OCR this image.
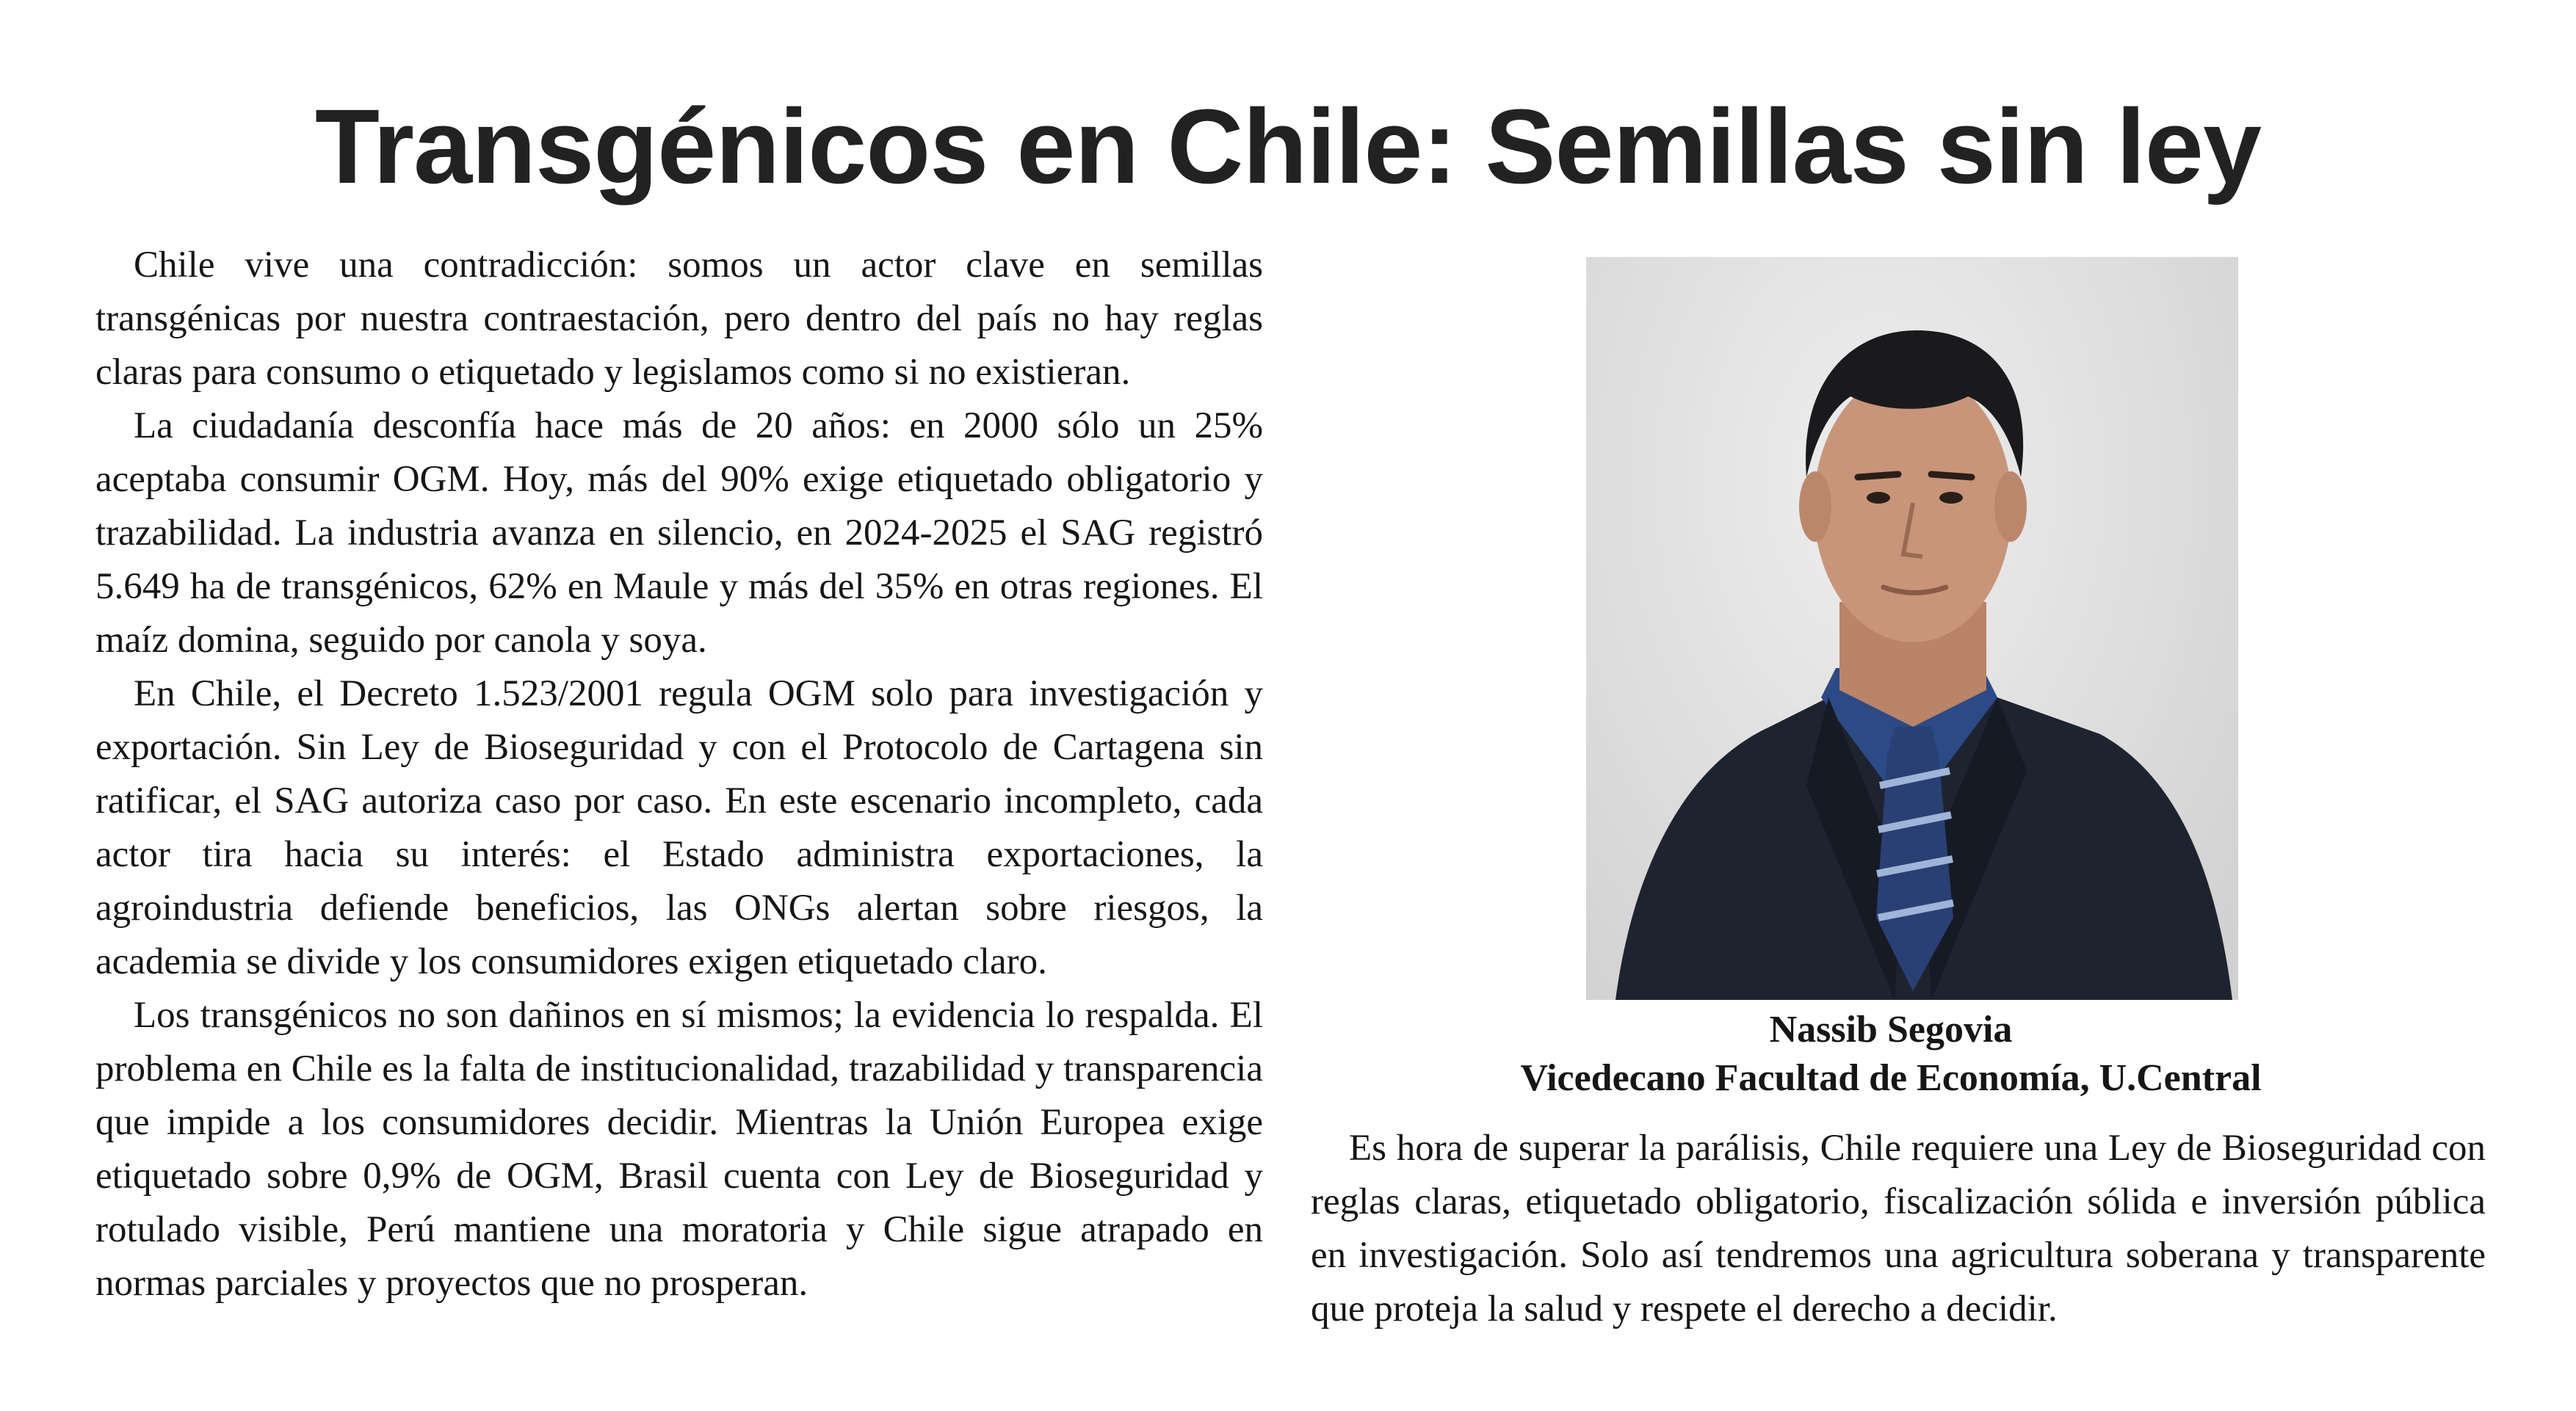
Transgénicos en Chile: Semillas sin ley

Chile vive una contradicción: somos un actor clave en semillas transgénicas por nuestra contraestación, pero dentro del país no hay reglas claras para consumo o etiquetado y legislamos como si no existieran.

La ciudadanía desconfía hace más de 20 años: en 2000 sólo un 25% aceptaba consumir OGM. Hoy, más del 90% exige etiquetado obligatorio y trazabilidad. La industria avanza en silencio, en 2024-2025 el SAG registró 5.649 ha de transgénicos, 62% en Maule y más del 35% en otras regiones. El maíz domina, seguido por canola y soya.

En Chile, el Decreto 1.523/2001 regula OGM solo para investigación y exportación. Sin Ley de Bioseguridad y con el Protocolo de Cartagena sin ratificar, el SAG autoriza caso por caso. En este escenario incompleto, cada actor tira hacia su interés: el Estado administra exportaciones, la agroindustria defiende beneficios, las ONGs alertan sobre riesgos, la academia se divide y los consumidores exigen etiquetado claro.

Los transgénicos no son dañinos en sí mismos; la evidencia lo respalda. El problema en Chile es la falta de institucionalidad, trazabilidad y transparencia que impide a los consumidores decidir. Mientras la Unión Europea exige etiquetado sobre 0,9% de OGM, Brasil cuenta con Ley de Bioseguridad y rotulado visible, Perú mantiene una moratoria y Chile sigue atrapado en normas parciales y proyectos que no prosperan.

Nassib Segovia
Vicedecano Facultad de Economía, U.Central

Es hora de superar la parálisis, Chile requiere una Ley de Bioseguridad con reglas claras, etiquetado obligatorio, fiscalización sólida e inversión pública en investigación. Solo así tendremos una agricultura soberana y transparente que proteja la salud y respete el derecho a decidir.
